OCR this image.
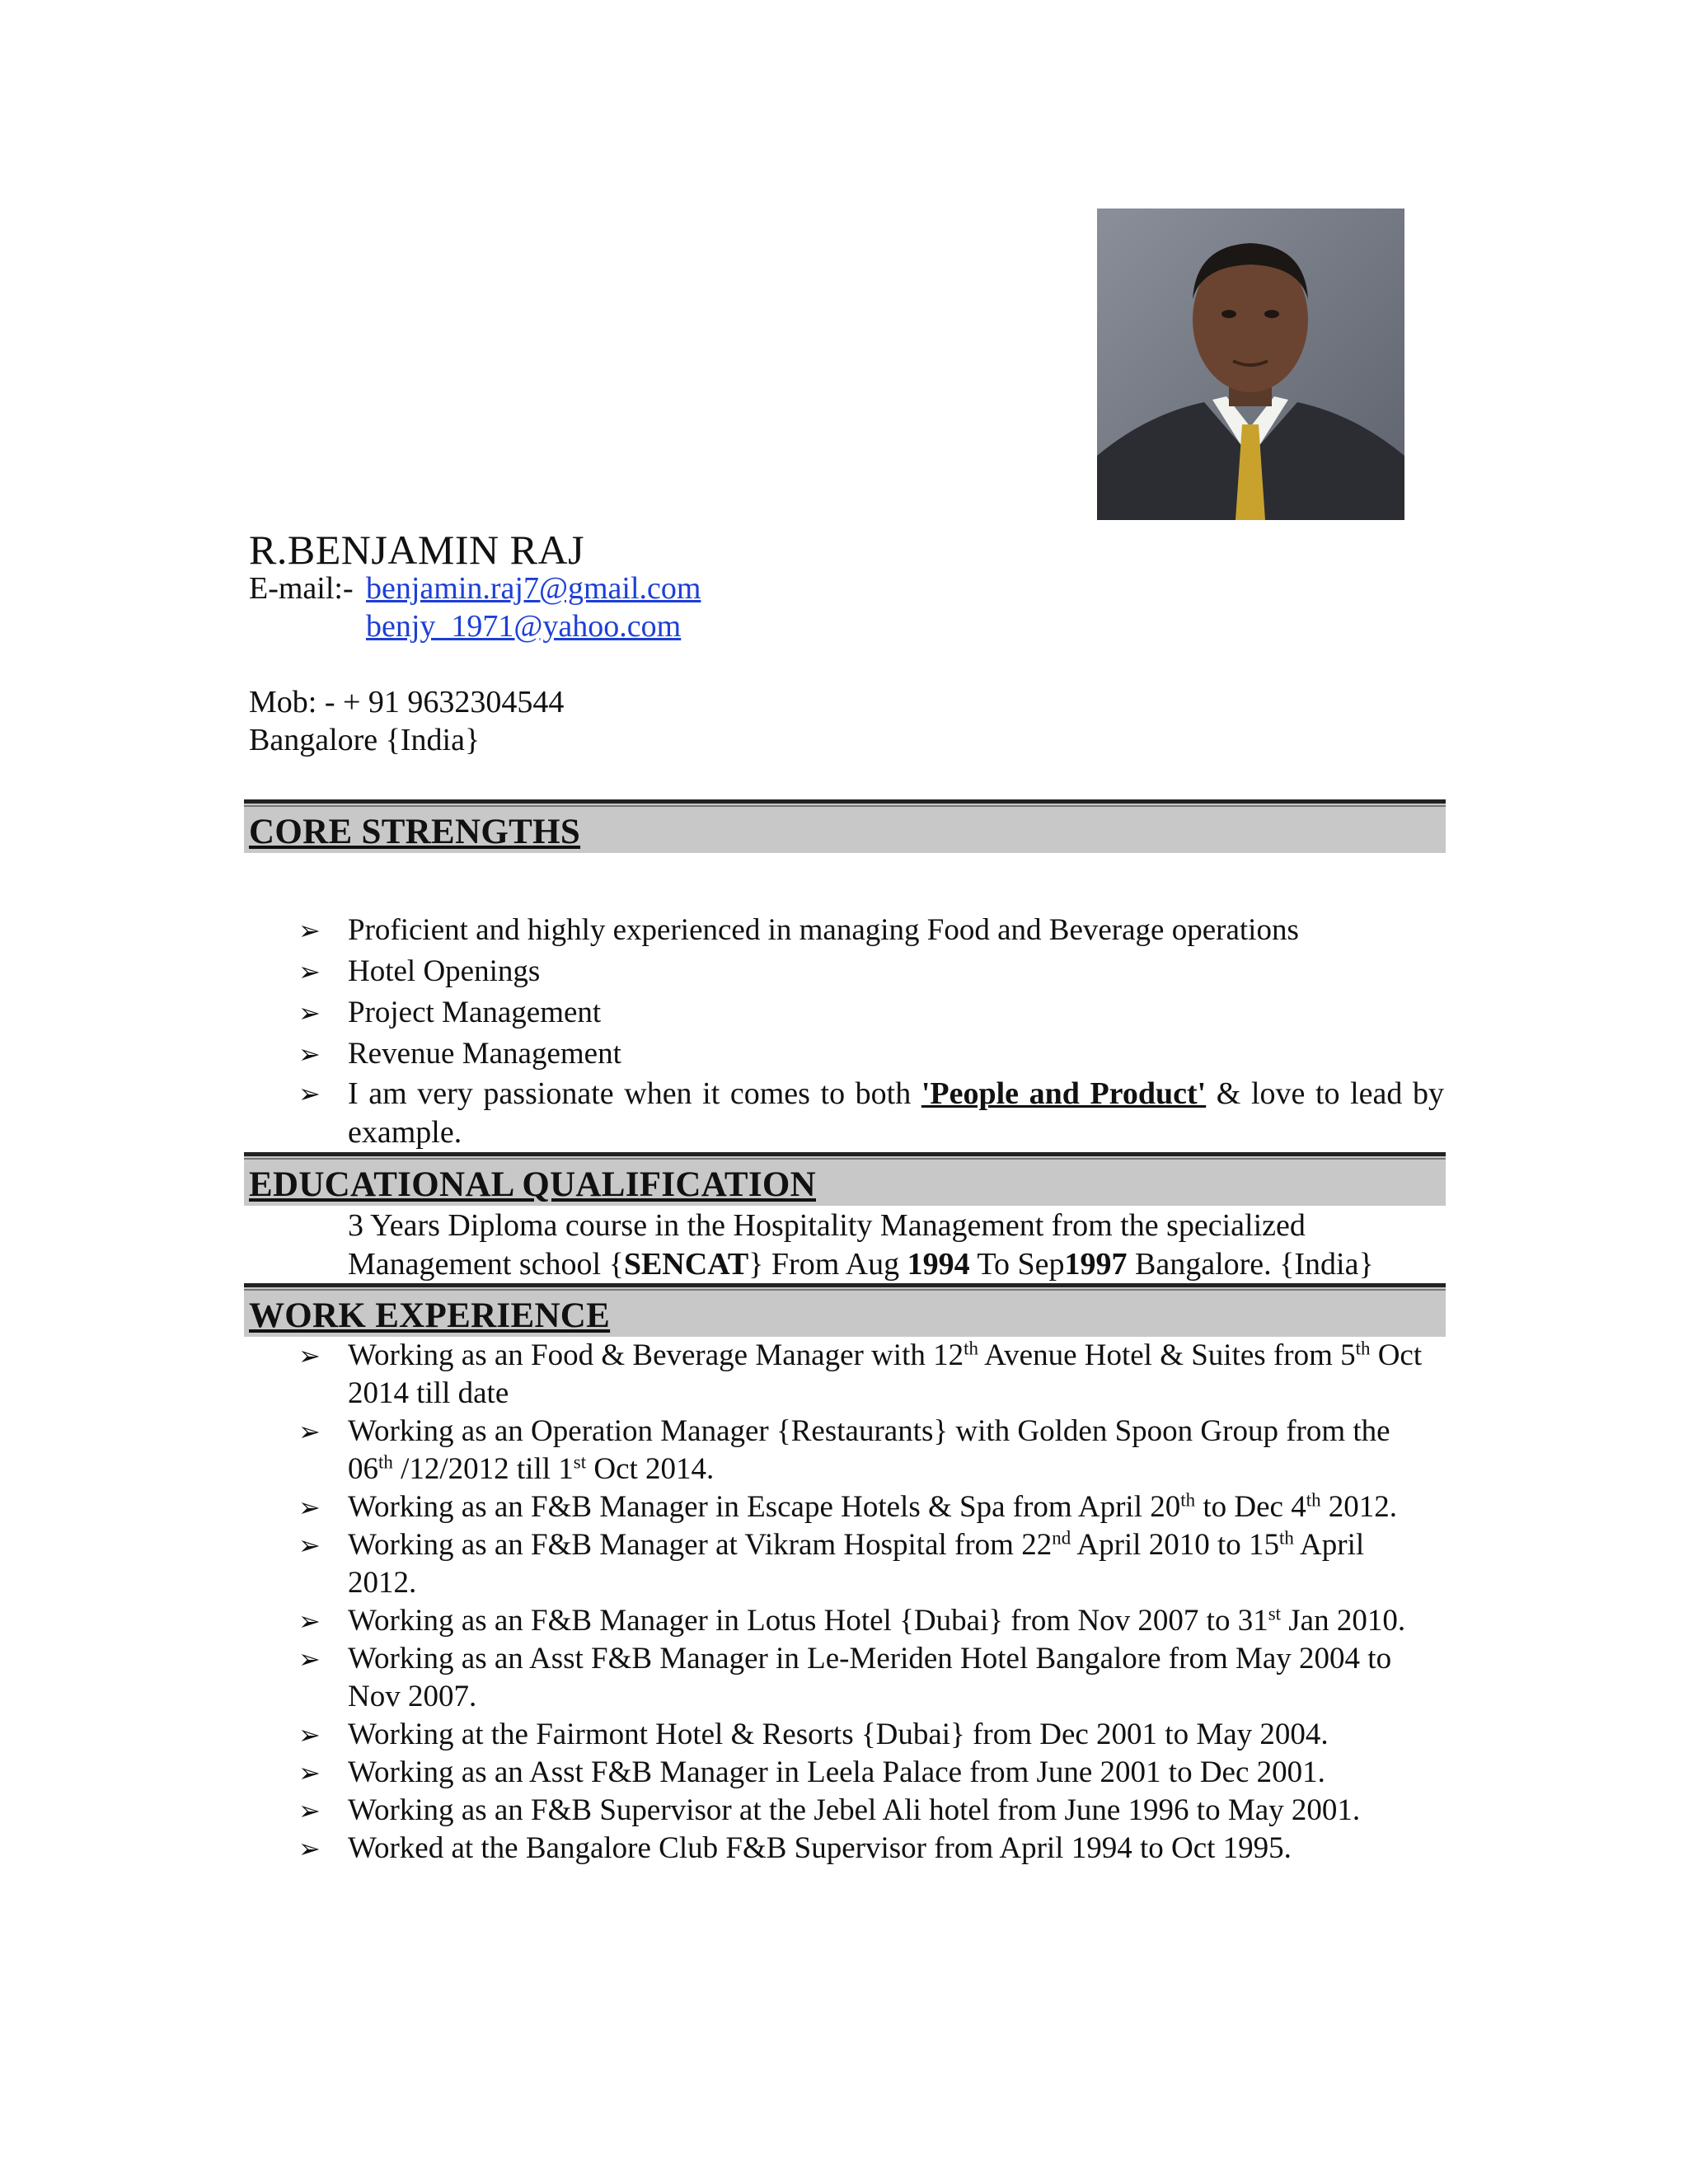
R.BENJAMIN RAJ
E-mail:- benjamin.raj7@gmail.com
benjy_1971@yahoo.com
Mob: - + 91 9632304544
Bangalore {India}
CORE STRENGTHS
➢ Proficient and highly experienced in managing Food and Beverage operations
➢ Hotel Openings
➢ Project Management
➢ Revenue Management
➢ I am very passionate when it comes to both 'People and Product' & love to lead by example.
EDUCATIONAL QUALIFICATION
3 Years Diploma course in the Hospitality Management from the specialized
Management school {SENCAT} From Aug 1994 To Sep1997 Bangalore. {India}
WORK EXPERIENCE
➢ Working as an Food & Beverage Manager with 12th Avenue Hotel & Suites from 5th Oct 2014 till date
➢ Working as an Operation Manager {Restaurants} with Golden Spoon Group from the 06th /12/2012 till 1st Oct 2014.
➢ Working as an F&B Manager in Escape Hotels & Spa from April 20th to Dec 4th 2012.
➢ Working as an F&B Manager at Vikram Hospital from 22nd April 2010 to 15th April 2012.
➢ Working as an F&B Manager in Lotus Hotel {Dubai} from Nov 2007 to 31st Jan 2010.
➢ Working as an Asst F&B Manager in Le-Meriden Hotel Bangalore from May 2004 to Nov 2007.
➢ Working at the Fairmont Hotel & Resorts {Dubai} from Dec 2001 to May 2004.
➢ Working as an Asst F&B Manager in Leela Palace from June 2001 to Dec 2001.
➢ Working as an F&B Supervisor at the Jebel Ali hotel from June 1996 to May 2001.
➢ Worked at the Bangalore Club F&B Supervisor from April 1994 to Oct 1995.
